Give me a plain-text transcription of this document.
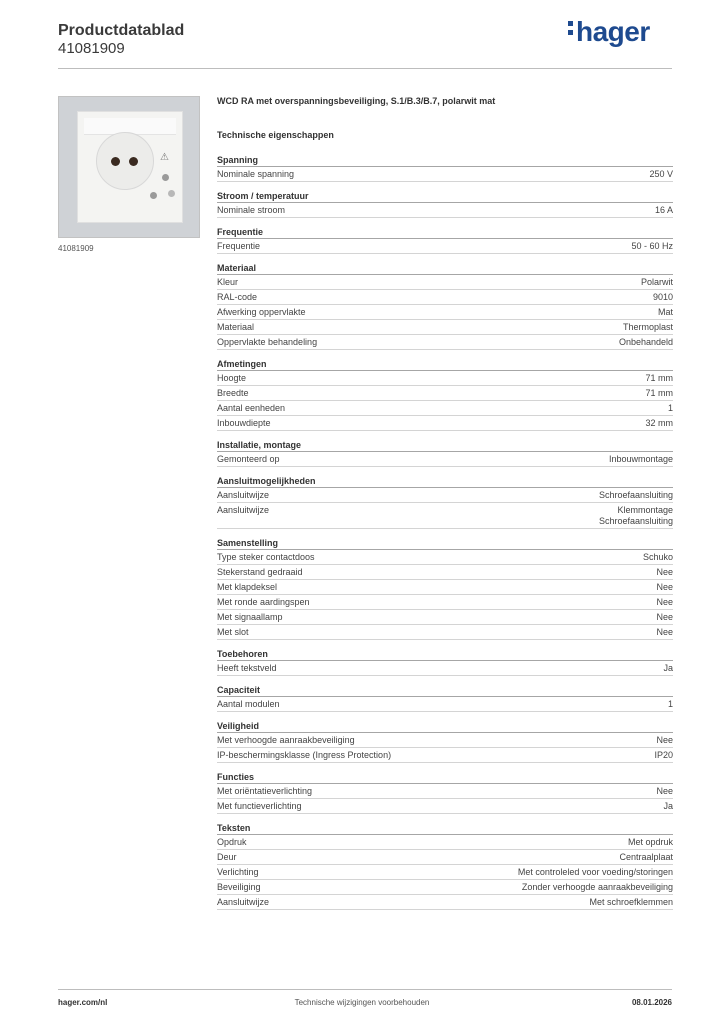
Productdatablad
41081909
hager
⚠
41081909
WCD RA met overspanningsbeveiliging, S.1/B.3/B.7, polarwit mat
Technische eigenschappen
Spanning
Nominale spanning	250 V
Stroom / temperatuur
Nominale stroom	16 A
Frequentie
Frequentie	50 - 60 Hz
Materiaal
Kleur	Polarwit
RAL-code	9010
Afwerking oppervlakte	Mat
Materiaal	Thermoplast
Oppervlakte behandeling	Onbehandeld
Afmetingen
Hoogte	71 mm
Breedte	71 mm
Aantal eenheden	1
Inbouwdiepte	32 mm
Installatie, montage
Gemonteerd op	Inbouwmontage
Aansluitmogelijkheden
Aansluitwijze	Schroefaansluiting
Aansluitwijze	Klemmontage
Schroefaansluiting
Samenstelling
Type steker contactdoos	Schuko
Stekerstand gedraaid	Nee
Met klapdeksel	Nee
Met ronde aardingspen	Nee
Met signaallamp	Nee
Met slot	Nee
Toebehoren
Heeft tekstveld	Ja
Capaciteit
Aantal modulen	1
Veiligheid
Met verhoogde aanraakbeveiliging	Nee
IP-beschermingsklasse (Ingress Protection)	IP20
Functies
Met oriëntatieverlichting	Nee
Met functieverlichting	Ja
Teksten
Opdruk	Met opdruk
Deur	Centraalplaat
Verlichting	Met controleled voor voeding/storingen
Beveiliging	Zonder verhoogde aanraakbeveiliging
Aansluitwijze	Met schroefklemmen
hager.com/nl	Technische wijzigingen voorbehouden	08.01.2026
